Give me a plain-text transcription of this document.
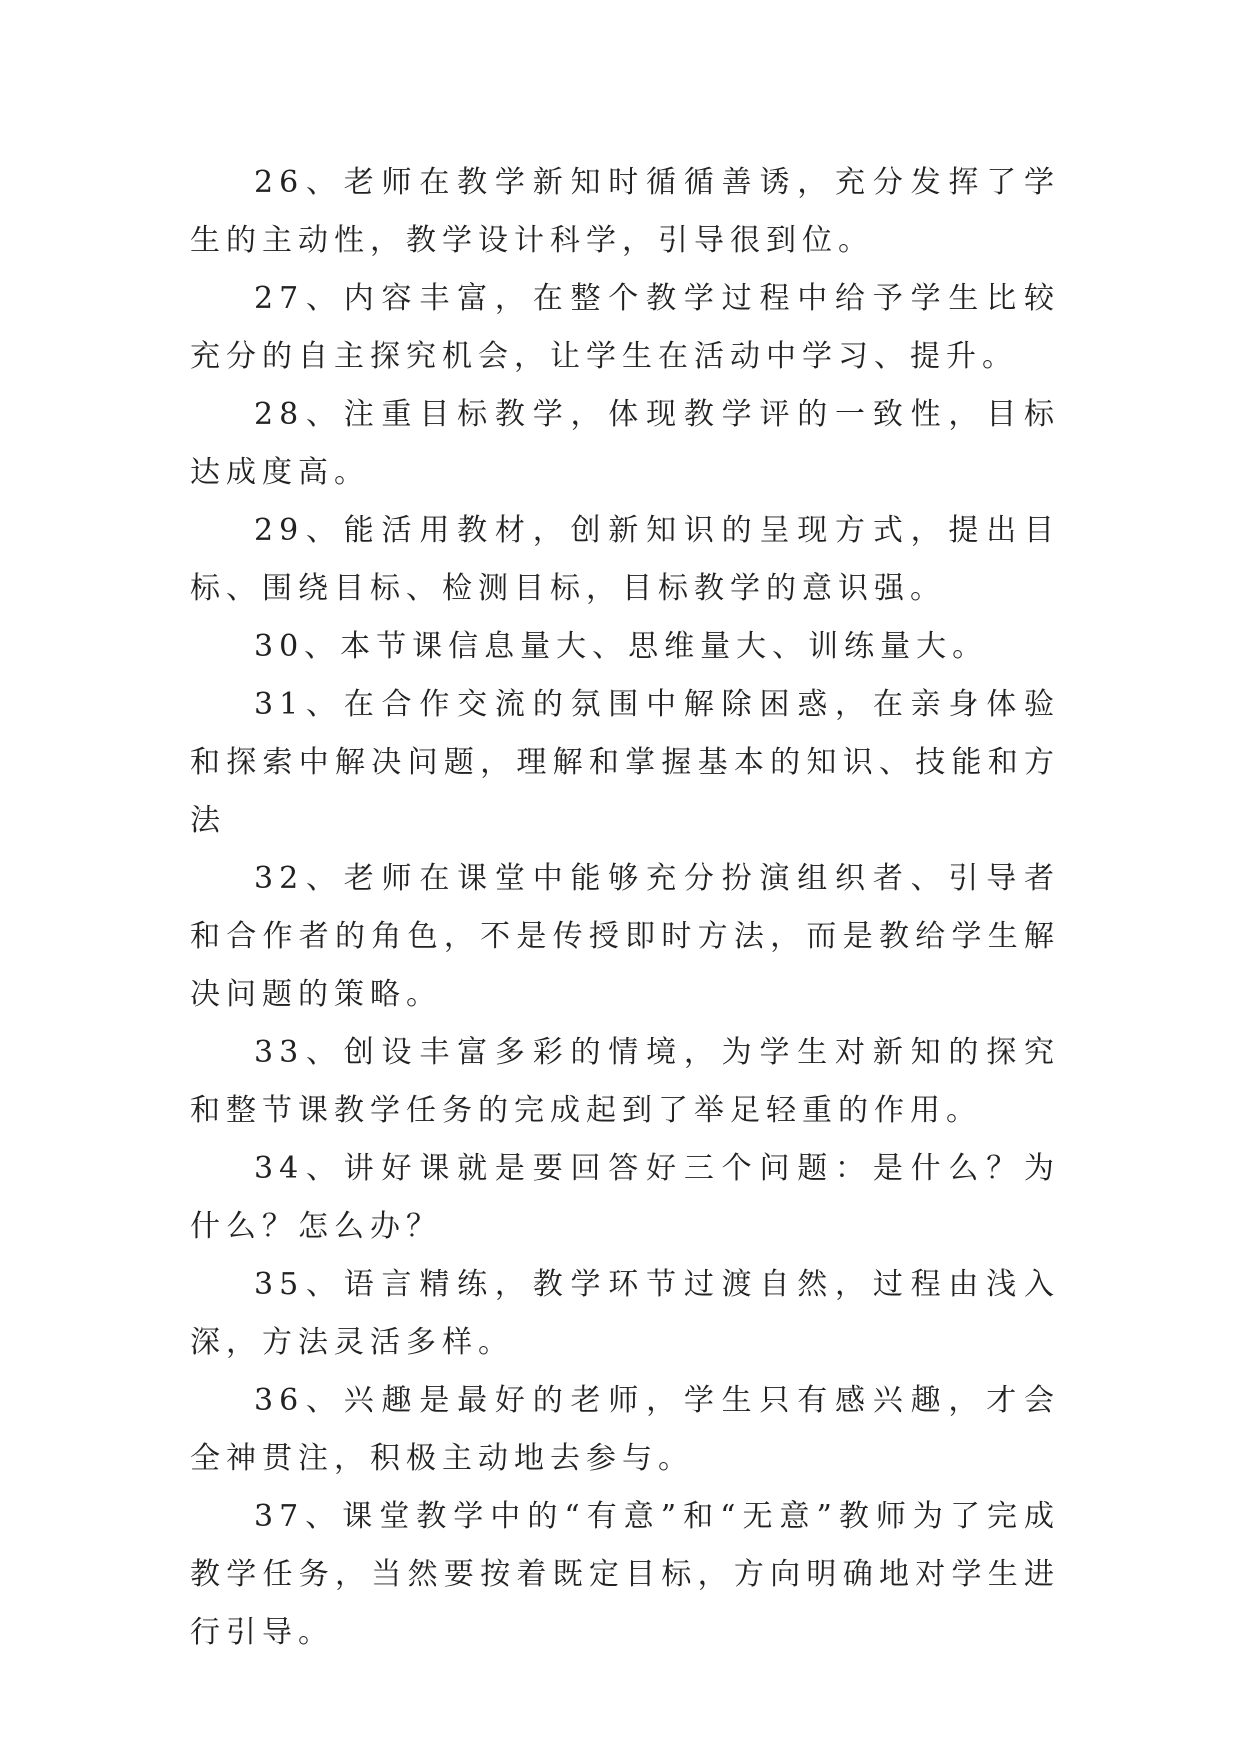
26、老师在教学新知时循循善诱，充分发挥了学生的主动性，教学设计科学，引导很到位。

27、内容丰富，在整个教学过程中给予学生比较充分的自主探究机会，让学生在活动中学习、提升。

28、注重目标教学，体现教学评的一致性，目标达成度高。

29、能活用教材，创新知识的呈现方式，提出目标、围绕目标、检测目标，目标教学的意识强。

30、本节课信息量大、思维量大、训练量大。

31、在合作交流的氛围中解除困惑，在亲身体验和探索中解决问题，理解和掌握基本的知识、技能和方法

32、老师在课堂中能够充分扮演组织者、引导者和合作者的角色，不是传授即时方法，而是教给学生解决问题的策略。

33、创设丰富多彩的情境，为学生对新知的探究和整节课教学任务的完成起到了举足轻重的作用。

34、讲好课就是要回答好三个问题：是什么？为什么？怎么办？

35、语言精练，教学环节过渡自然，过程由浅入深，方法灵活多样。

36、兴趣是最好的老师，学生只有感兴趣，才会全神贯注，积极主动地去参与。

37、课堂教学中的“有意”和“无意”教师为了完成教学任务，当然要按着既定目标，方向明确地对学生进行引导。
